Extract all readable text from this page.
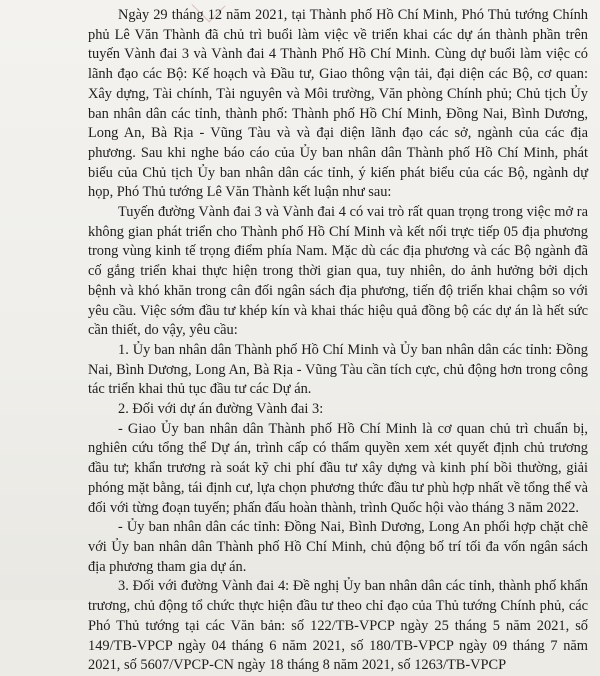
Ngày 29 tháng 12 năm 2021, tại Thành phố Hồ Chí Minh, Phó Thủ tướng Chính phủ Lê Văn Thành đã chủ trì buổi làm việc về triển khai các dự án thành phần trên tuyến Vành đai 3 và Vành đai 4 Thành Phố Hồ Chí Minh. Cùng dự buổi làm việc có lãnh đạo các Bộ: Kế hoạch và Đầu tư, Giao thông vận tải, đại diện các Bộ, cơ quan: Xây dựng, Tài chính, Tài nguyên và Môi trường, Văn phòng Chính phủ; Chủ tịch Ủy ban nhân dân các tỉnh, thành phố: Thành phố Hồ Chí Minh, Đồng Nai, Bình Dương, Long An, Bà Rịa - Vũng Tàu và và đại diện lãnh đạo các sở, ngành của các địa phương. Sau khi nghe báo cáo của Ủy ban nhân dân Thành phố Hồ Chí Minh, phát biểu của Chủ tịch Ủy ban nhân dân các tỉnh, ý kiến phát biểu của các Bộ, ngành dự họp, Phó Thủ tướng Lê Văn Thành kết luận như sau:

Tuyến đường Vành đai 3 và Vành đai 4 có vai trò rất quan trọng trong việc mở ra không gian phát triển cho Thành phố Hồ Chí Minh và kết nối trực tiếp 05 địa phương trong vùng kinh tế trọng điểm phía Nam. Mặc dù các địa phương và các Bộ ngành đã cố gắng triển khai thực hiện trong thời gian qua, tuy nhiên, do ảnh hưởng bởi dịch bệnh và khó khăn trong cân đối ngân sách địa phương, tiến độ triển khai chậm so với yêu cầu. Việc sớm đầu tư khép kín và khai thác hiệu quả đồng bộ các dự án là hết sức cần thiết, do vậy, yêu cầu:

1. Ủy ban nhân dân Thành phố Hồ Chí Minh và Ủy ban nhân dân các tỉnh: Đồng Nai, Bình Dương, Long An, Bà Rịa - Vũng Tàu cần tích cực, chủ động hơn trong công tác triển khai thủ tục đầu tư các Dự án.

2. Đối với dự án đường Vành đai 3:

- Giao Ủy ban nhân dân Thành phố Hồ Chí Minh là cơ quan chủ trì chuẩn bị, nghiên cứu tổng thể Dự án, trình cấp có thẩm quyền xem xét quyết định chủ trương đầu tư; khẩn trương rà soát kỹ chi phí đầu tư xây dựng và kinh phí bồi thường, giải phóng mặt bằng, tái định cư, lựa chọn phương thức đầu tư phù hợp nhất về tổng thể và đối với từng đoạn tuyến; phấn đấu hoàn thành, trình Quốc hội vào tháng 3 năm 2022.

- Ủy ban nhân dân các tỉnh: Đồng Nai, Bình Dương, Long An phối hợp chặt chẽ với Ủy ban nhân dân Thành phố Hồ Chí Minh, chủ động bố trí tối đa vốn ngân sách địa phương tham gia dự án.

3. Đối với đường Vành đai 4: Đề nghị Ủy ban nhân dân các tỉnh, thành phố khẩn trương, chủ động tổ chức thực hiện đầu tư theo chỉ đạo của Thủ tướng Chính phủ, các Phó Thủ tướng tại các Văn bản: số 122/TB-VPCP ngày 25 tháng 5 năm 2021, số 149/TB-VPCP ngày 04 tháng 6 năm 2021, số 180/TB-VPCP ngày 09 tháng 7 năm 2021, số 5607/VPCP-CN ngày 18 tháng 8 năm 2021, số 1263/TB-VPCP
